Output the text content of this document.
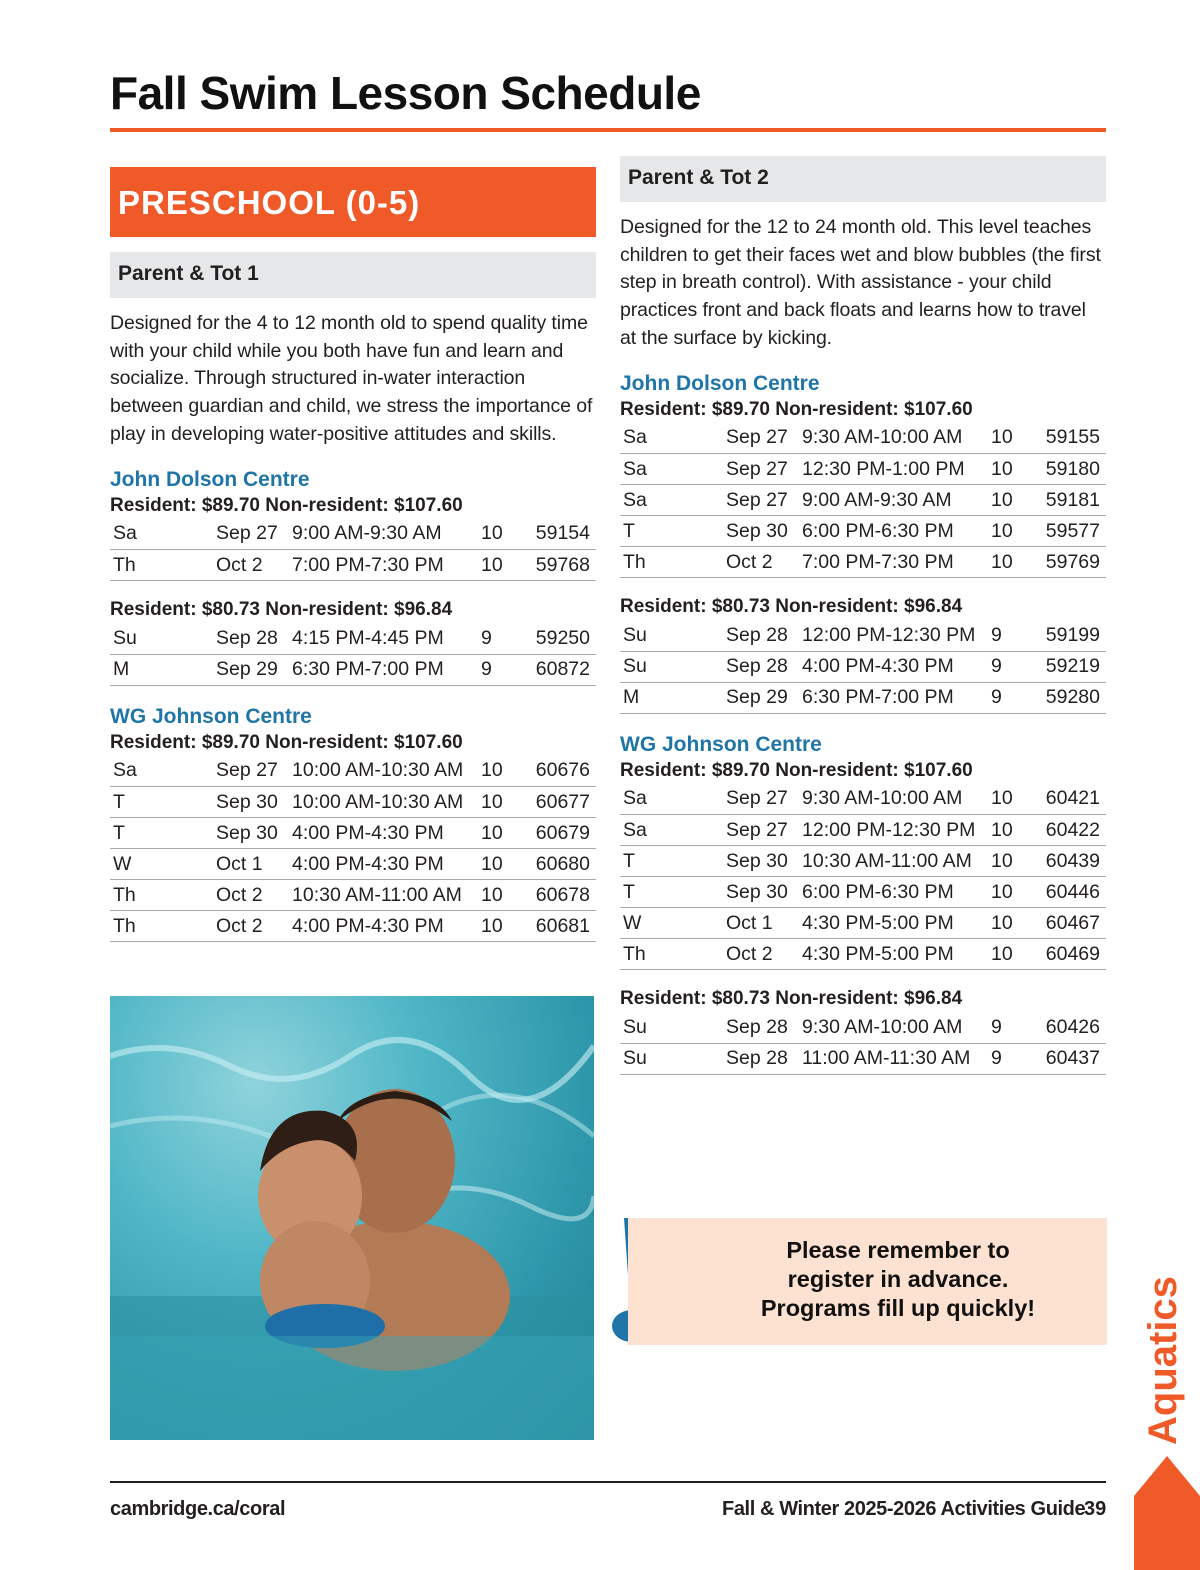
Fall Swim Lesson Schedule
PRESCHOOL (0-5)
Parent & Tot 1
Designed for the 4 to 12 month old to spend quality time with your child while you both have fun and learn and socialize. Through structured in-water interaction between guardian and child, we stress the importance of play in developing water-positive attitudes and skills.
John Dolson Centre
Resident: $89.70 Non-resident: $107.60
Sa	Sep 27	9:00 AM-9:30 AM	10	59154
Th	Oct 2	7:00 PM-7:30 PM	10	59768
Resident: $80.73 Non-resident: $96.84
Su	Sep 28	4:15 PM-4:45 PM	9	59250
M	Sep 29	6:30 PM-7:00 PM	9	60872
WG Johnson Centre
Resident: $89.70 Non-resident: $107.60
Sa	Sep 27	10:00 AM-10:30 AM	10	60676
T	Sep 30	10:00 AM-10:30 AM	10	60677
T	Sep 30	4:00 PM-4:30 PM	10	60679
W	Oct 1	4:00 PM-4:30 PM	10	60680
Th	Oct 2	10:30 AM-11:00 AM	10	60678
Th	Oct 2	4:00 PM-4:30 PM	10	60681
Parent & Tot 2
Designed for the 12 to 24 month old. This level teaches children to get their faces wet and blow bubbles (the first step in breath control). With assistance - your child practices front and back floats and learns how to travel at the surface by kicking.
John Dolson Centre
Resident: $89.70 Non-resident: $107.60
Sa	Sep 27	9:30 AM-10:00 AM	10	59155
Sa	Sep 27	12:30 PM-1:00 PM	10	59180
Sa	Sep 27	9:00 AM-9:30 AM	10	59181
T	Sep 30	6:00 PM-6:30 PM	10	59577
Th	Oct 2	7:00 PM-7:30 PM	10	59769
Resident: $80.73 Non-resident: $96.84
Su	Sep 28	12:00 PM-12:30 PM	9	59199
Su	Sep 28	4:00 PM-4:30 PM	9	59219
M	Sep 29	6:30 PM-7:00 PM	9	59280
WG Johnson Centre
Resident: $89.70 Non-resident: $107.60
Sa	Sep 27	9:30 AM-10:00 AM	10	60421
Sa	Sep 27	12:00 PM-12:30 PM	10	60422
T	Sep 30	10:30 AM-11:00 AM	10	60439
T	Sep 30	6:00 PM-6:30 PM	10	60446
W	Oct 1	4:30 PM-5:00 PM	10	60467
Th	Oct 2	4:30 PM-5:00 PM	10	60469
Resident: $80.73 Non-resident: $96.84
Su	Sep 28	9:30 AM-10:00 AM	9	60426
Su	Sep 28	11:00 AM-11:30 AM	9	60437
Please remember to
register in advance.
Programs fill up quickly!	Aquatics
cambridge.ca/coral	Fall & Winter 2025-2026 Activities Guide
39
